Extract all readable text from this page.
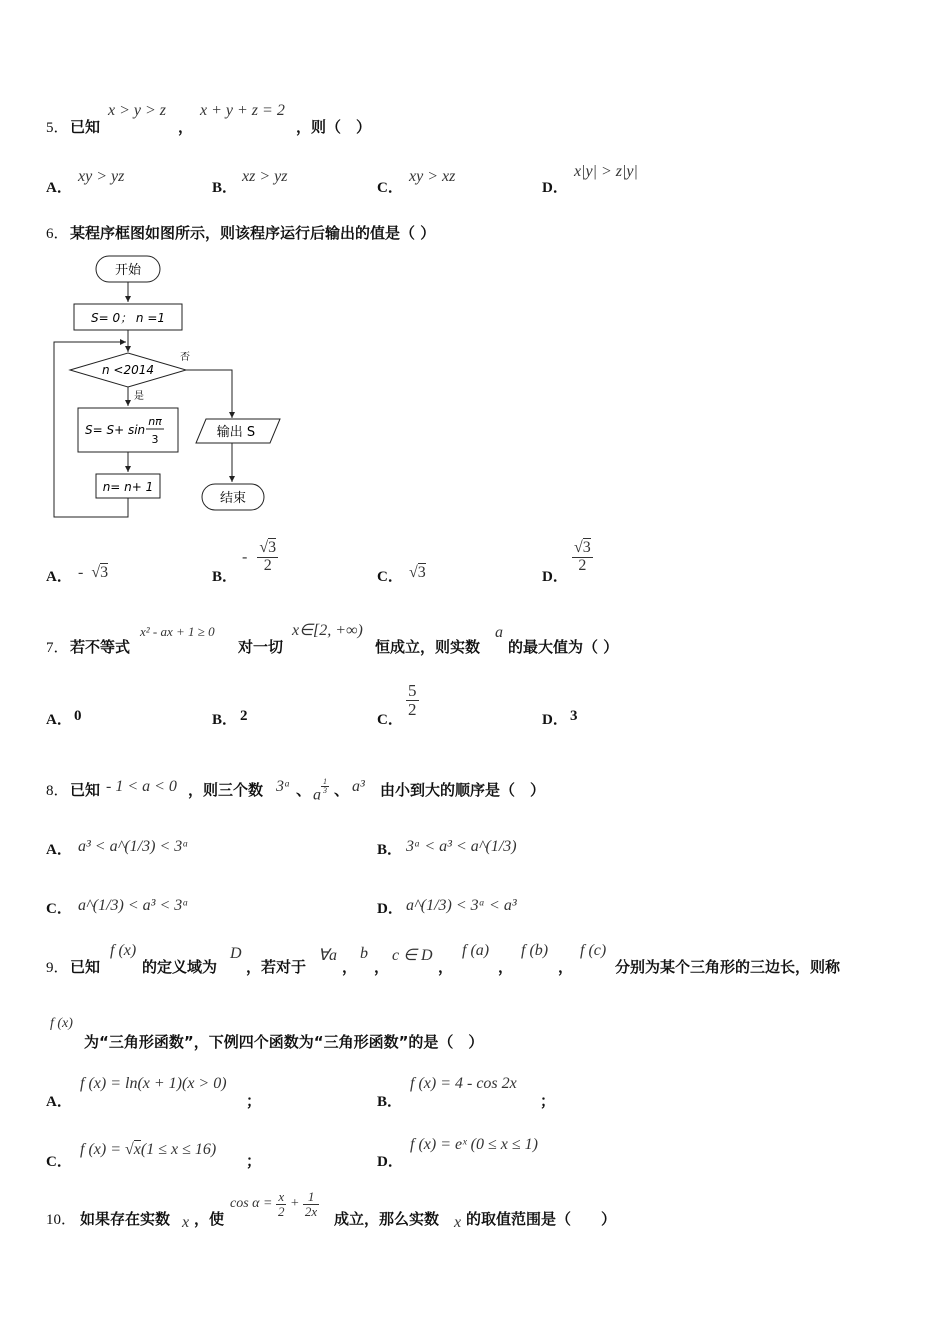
5． 已知
x > y > z
，
x + y + z = 2
，则（　）
A．
xy > yz
B．
xz > yz
C．
xy > xz
D．
x|y| > z|y|
6． 某程序框图如图所示，则该程序运行后输出的值是（ ）
开始
S= 0； n =1
n <2014
否
是
S= S+ sin
nπ
3
n= n+ 1
输出 S
结束
A． - √3	B．
- $\frac{√3}{2}$
C． √3	D．
$\frac{√3}{2}$
7． 若不等式
x² - ax + 1 ≥ 0
对一切
x∈[2, +∞)
恒成立，则实数
a
的最大值为（ ）
A． 0	B． 2	C．
$\frac{5}{2}$
D． 3
8． 已知 - 1 < a < 0 ，则三个数 3ᵃ 、 a $\frac{1}{3}$ 、 a³ 由小到大的顺序是（　）
A． a³ < a^(1/3) < 3ᵃ	B． 3ᵃ < a³ < a^(1/3)
C． a^(1/3) < a³ < 3ᵃ	D． a^(1/3) < 3ᵃ < a³
9． 已知
f (x)
的定义域为
D
，若对于
∀a
，
b
，
c ∈ D
，
f (a)
，
f (b)
，
f (c)
分别为某个三角形的三边长，则称
f (x)
为“三角形函数”，下例四个函数为“三角形函数”的是（　）
A．
f (x) = ln(x + 1)(x > 0)
；	B．
f (x) = 4 - cos 2x
；
C．
f (x) = √x(1 ≤ x ≤ 16)
；	D．
f (x) = eˣ (0 ≤ x ≤ 1)
10． 如果存在实数 x ，使
$\cos \alpha = \frac{x}{2} + \frac{1}{2x}$
成立，那么实数 x 的取值范围是（　　）
